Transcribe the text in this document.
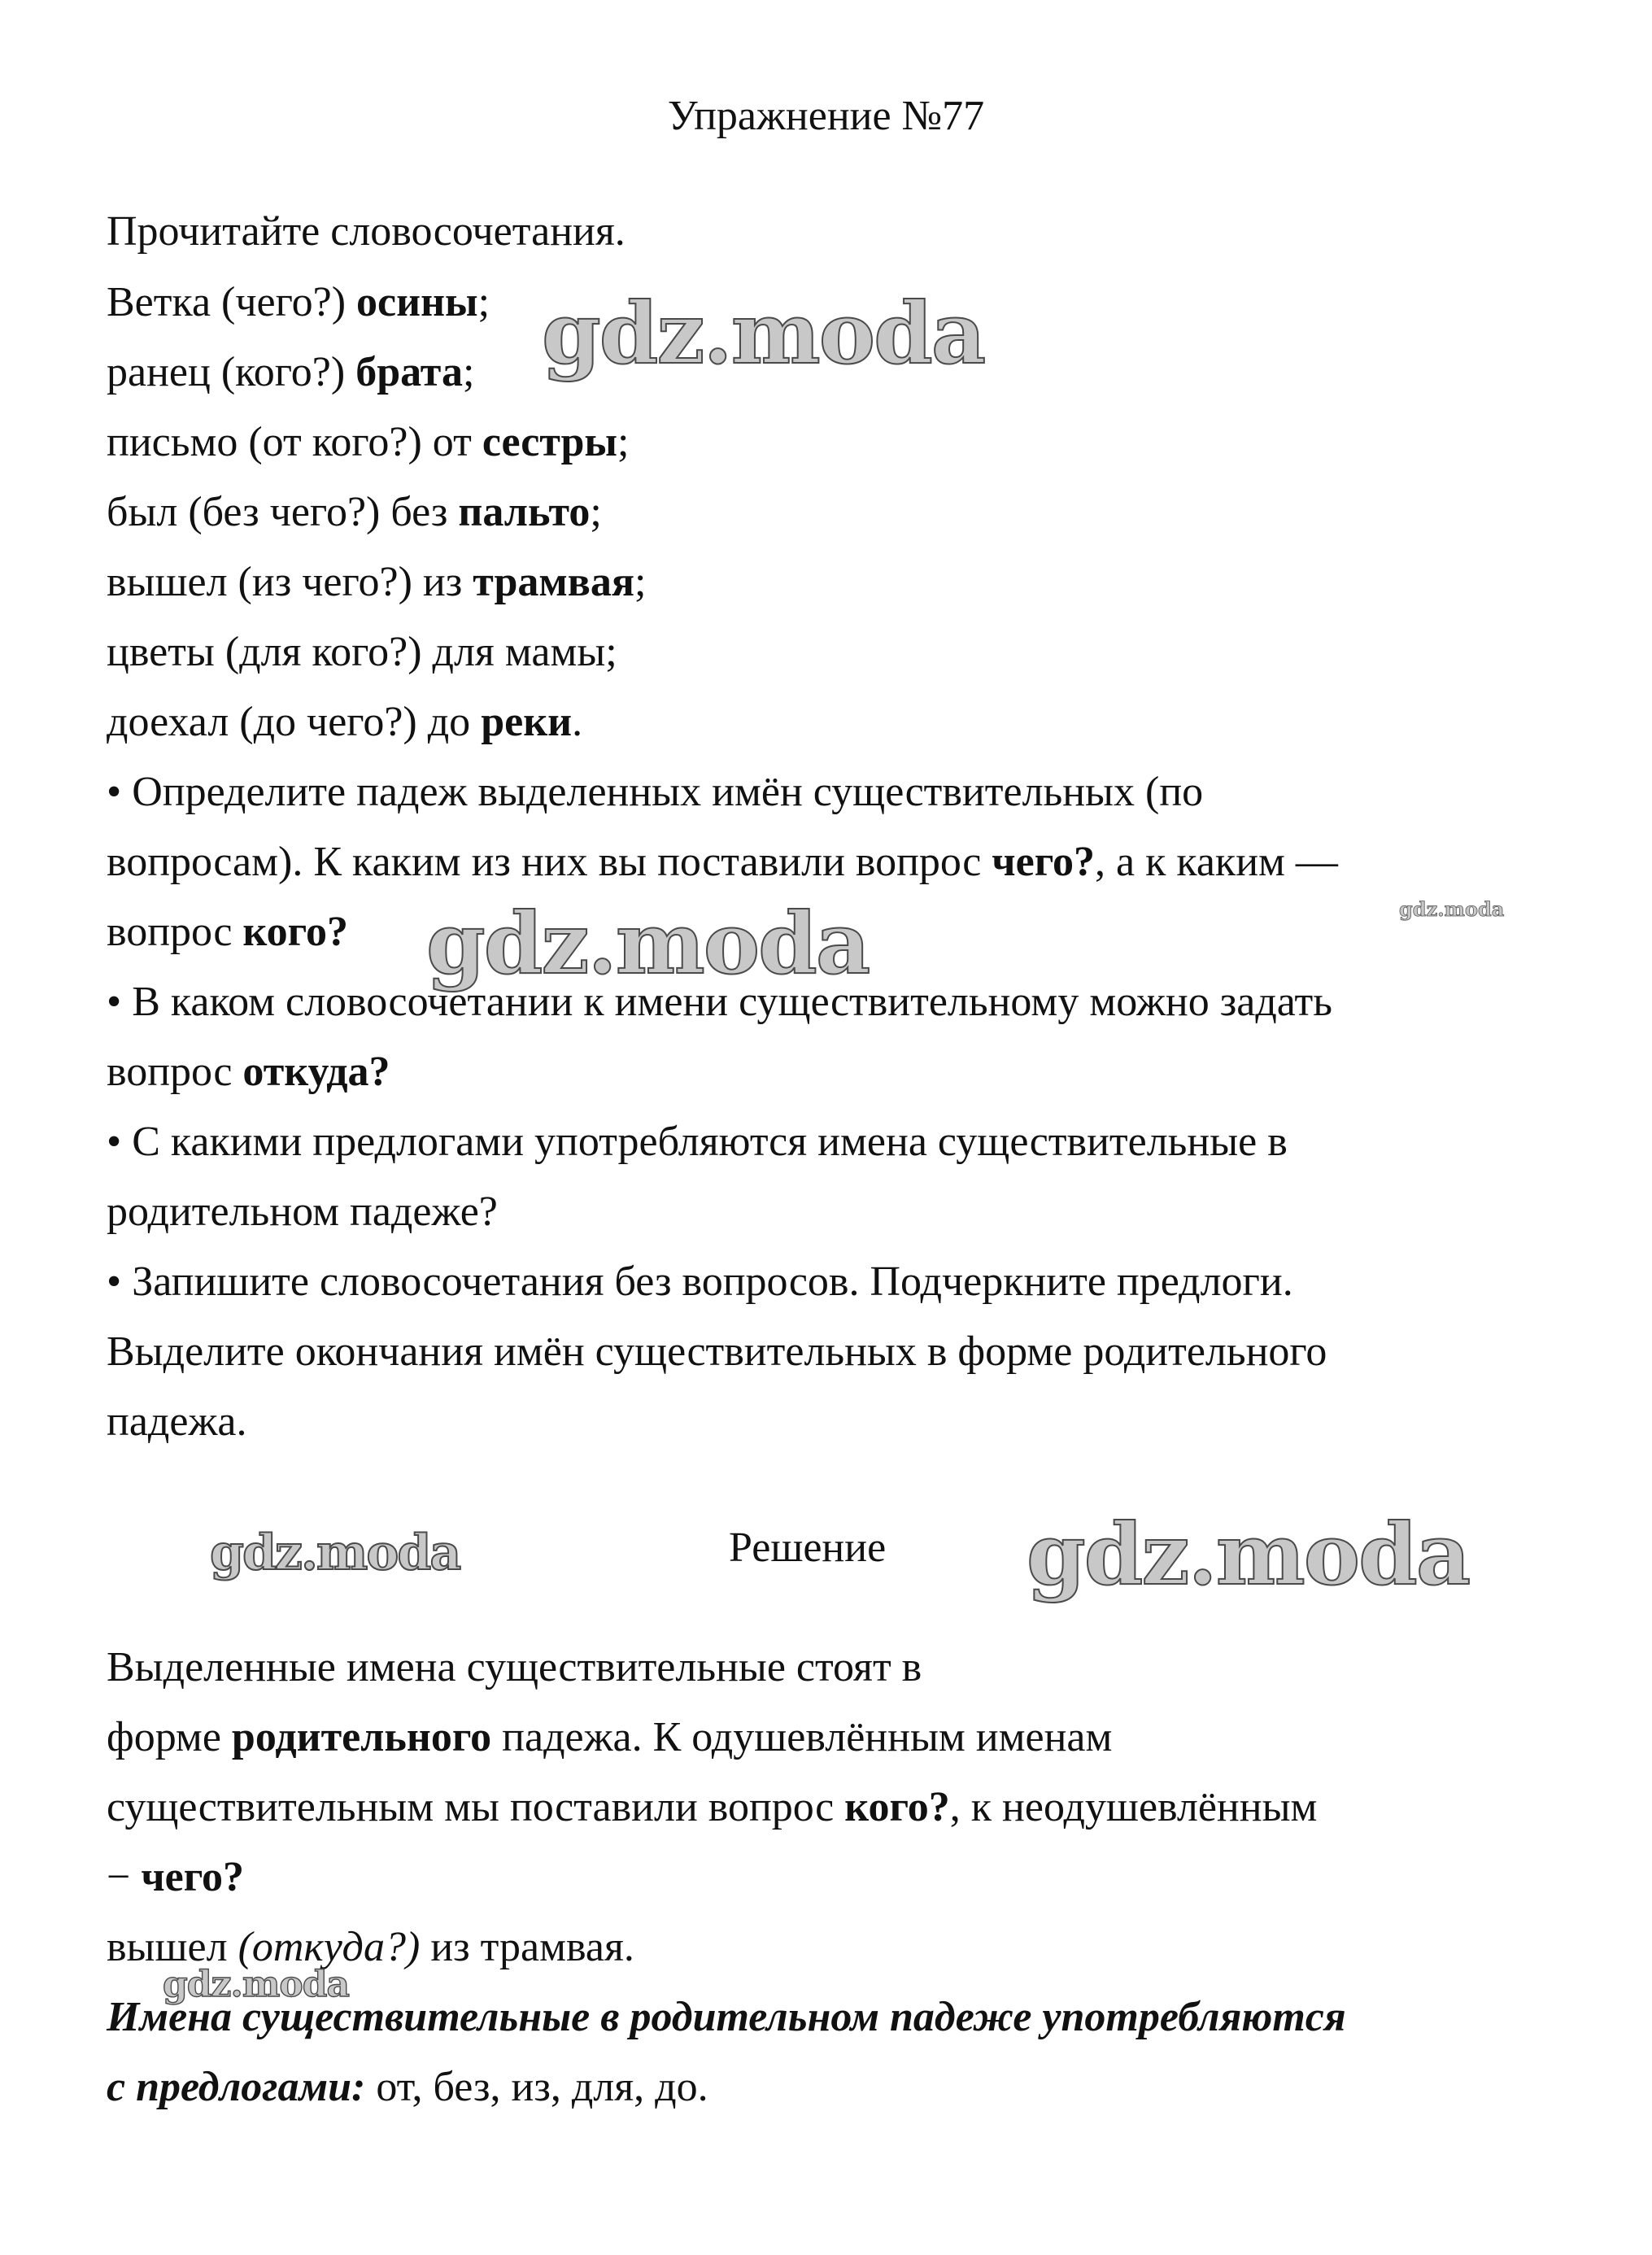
Упражнение №77
Прочитайте словосочетания.
Ветка (чего?) осины;
ранец (кого?) брата;
письмо (от кого?) от сестры;
был (без чего?) без пальто;
вышел (из чего?) из трамвая;
цветы (для кого?) для мамы;
доехал (до чего?) до реки.
• Определите падеж выделенных имён существительных (по
вопросам). К каким из них вы поставили вопрос чего?, а к каким —
вопрос кого?
• В каком словосочетании к имени существительному можно задать
вопрос откуда?
• С какими предлогами употребляются имена существительные в
родительном падеже?
• Запишите словосочетания без вопросов. Подчеркните предлоги.
Выделите окончания имён существительных в форме родительного
падежа.
Решение
Выделенные имена существительные стоят в
форме родительного падежа. К одушевлённым именам
существительным мы поставили вопрос кого?, к неодушевлённым
− чего?
вышел (откуда?) из трамвая.
Имена существительные в родительном падеже употребляются
с предлогами: от, без, из, для, до.
gdz.moda
gdz.moda
gdz.moda
gdz.moda	gdz.moda
gdz.moda
